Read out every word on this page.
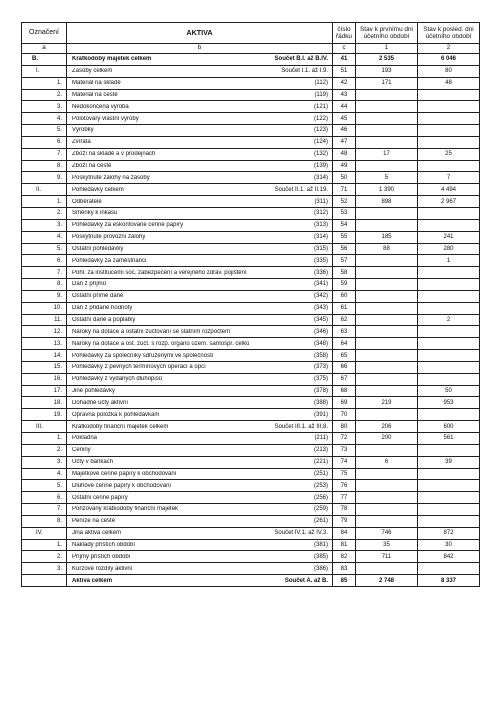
Označení	AKTIVA	číslo řádku	Stav k prvnímu dni účetního období	Stav k posled. dni účetního období
a	b	c	1	2
B.	Krátkodobý majetek celkem Součet B.I. až B.IV.	41	2 535	6 046
I.	Zásoby celkem Součet I.1. až I.9.	51	193	80
1.	Materiál na skladě (112)	42	171	48
2.	Materiál na cestě (119)	43		
3.	Nedokončená výroba (121)	44		
4.	Polotovary vlastní výroby (122)	45		
5.	Výrobky (123)	46		
6.	Zvířata (124)	47		
7.	Zboží na skladě a v prodejnách (132)	48	17	25
8.	Zboží na cestě (139)	49		
9.	Poskytnuté zálohy na zásoby (314)	50	5	7
II.	Pohledávky celkem Součet II.1. až II.19.	71	1 390	4 494
1.	Odběratelé (311)	52	898	2 967
2.	Směnky k inkasu (312)	53		
3.	Pohledávky za eskontované cenné papíry (313)	54		
4.	Poskytnuté provozní zálohy (314)	55	185	241
5.	Ostatní pohledávky (315)	56	88	280
6.	Pohledávky za zaměstnanci (335)	57		1
7.	Pohl. za institucemi soc. zabezpečení a veřejného zdrav. pojištění (336)	58		
8.	Daň z příjmů (341)	59		
9.	Ostatní přímé daně (342)	60		
10.	Daň z přidané hodnoty (343)	61		
11.	Ostatní daně a poplatky (345)	62		2
12.	Nároky na dotace a ostatní zúčtování se státním rozpočtem (346)	63		
13.	Nároky na dotace a ost. zúčt. s rozp. orgánů územ. samospr. celků (348)	64		
14.	Pohledávky za společníky sdruženými ve společnosti (358)	65		
15.	Pohledávky z pevných termínových operací a opcí (373)	66		
16.	Pohledávky z vydaných dluhopisů (375)	67		
17.	Jiné pohledávky (378)	68		50
18.	Dohadné účty aktivní (388)	69	219	953
19.	Opravná položka k pohledávkám (391)	70		
III.	Krátkodobý finanční majetek celkem Součet III.1. až III.8.	80	206	600
1.	Pokladna (211)	72	200	561
2.	Ceniny (213)	73		
3.	Účty v bankách (221)	74	6	39
4.	Majetkové cenné papíry k obchodování (251)	75		
5.	Dluhové cenné papíry k obchodování (253)	76		
6.	Ostatní cenné papíry (256)	77		
7.	Pořizovaný krátkodobý finanční majetek (259)	78		
8.	Peníze na cestě (261)	79		
IV.	Jiná aktiva celkem Součet IV.1. až IV.3.	84	746	872
1.	Náklady příštích období (381)	81	35	30
2.	Příjmy příštích období (385)	82	711	842
3.	Kurzové rozdíly aktivní (386)	83		

	Aktiva celkem Součet A. až B.	85	2 748	8 337
